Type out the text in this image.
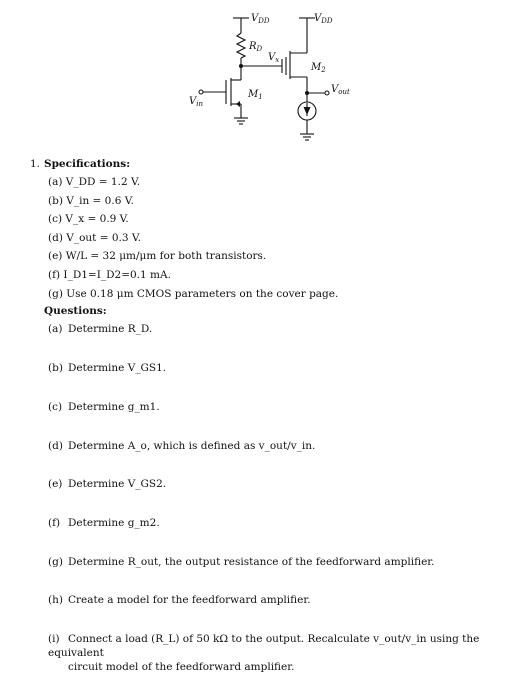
$V_{DD}$	$V_{DD}$
$R_D$
$V_x$
$M_2$
$M_1$
$V_{in}$
$V_{out}$
1. Specifications:
(a) V_DD = 1.2 V.
(b) V_in = 0.6 V.
(c) V_x = 0.9 V.
(d) V_out = 0.3 V.
(e) W/L = 32 μm/μm for both transistors.
(f) I_D1=I_D2=0.1 mA.
(g) Use 0.18 μm CMOS parameters on the cover page.
Questions:
(a) Determine R_D.
(b) Determine V_GS1.
(c) Determine g_m1.
(d) Determine A_o, which is defined as v_out/v_in.
(e) Determine V_GS2.
(f) Determine g_m2.
(g) Determine R_out, the output resistance of the feedforward amplifier.
(h) Create a model for the feedforward amplifier.
(i) Connect a load (R_L) of 50 kΩ to the output. Recalculate v_out/v_in using the equivalent
circuit model of the feedforward amplifier.
